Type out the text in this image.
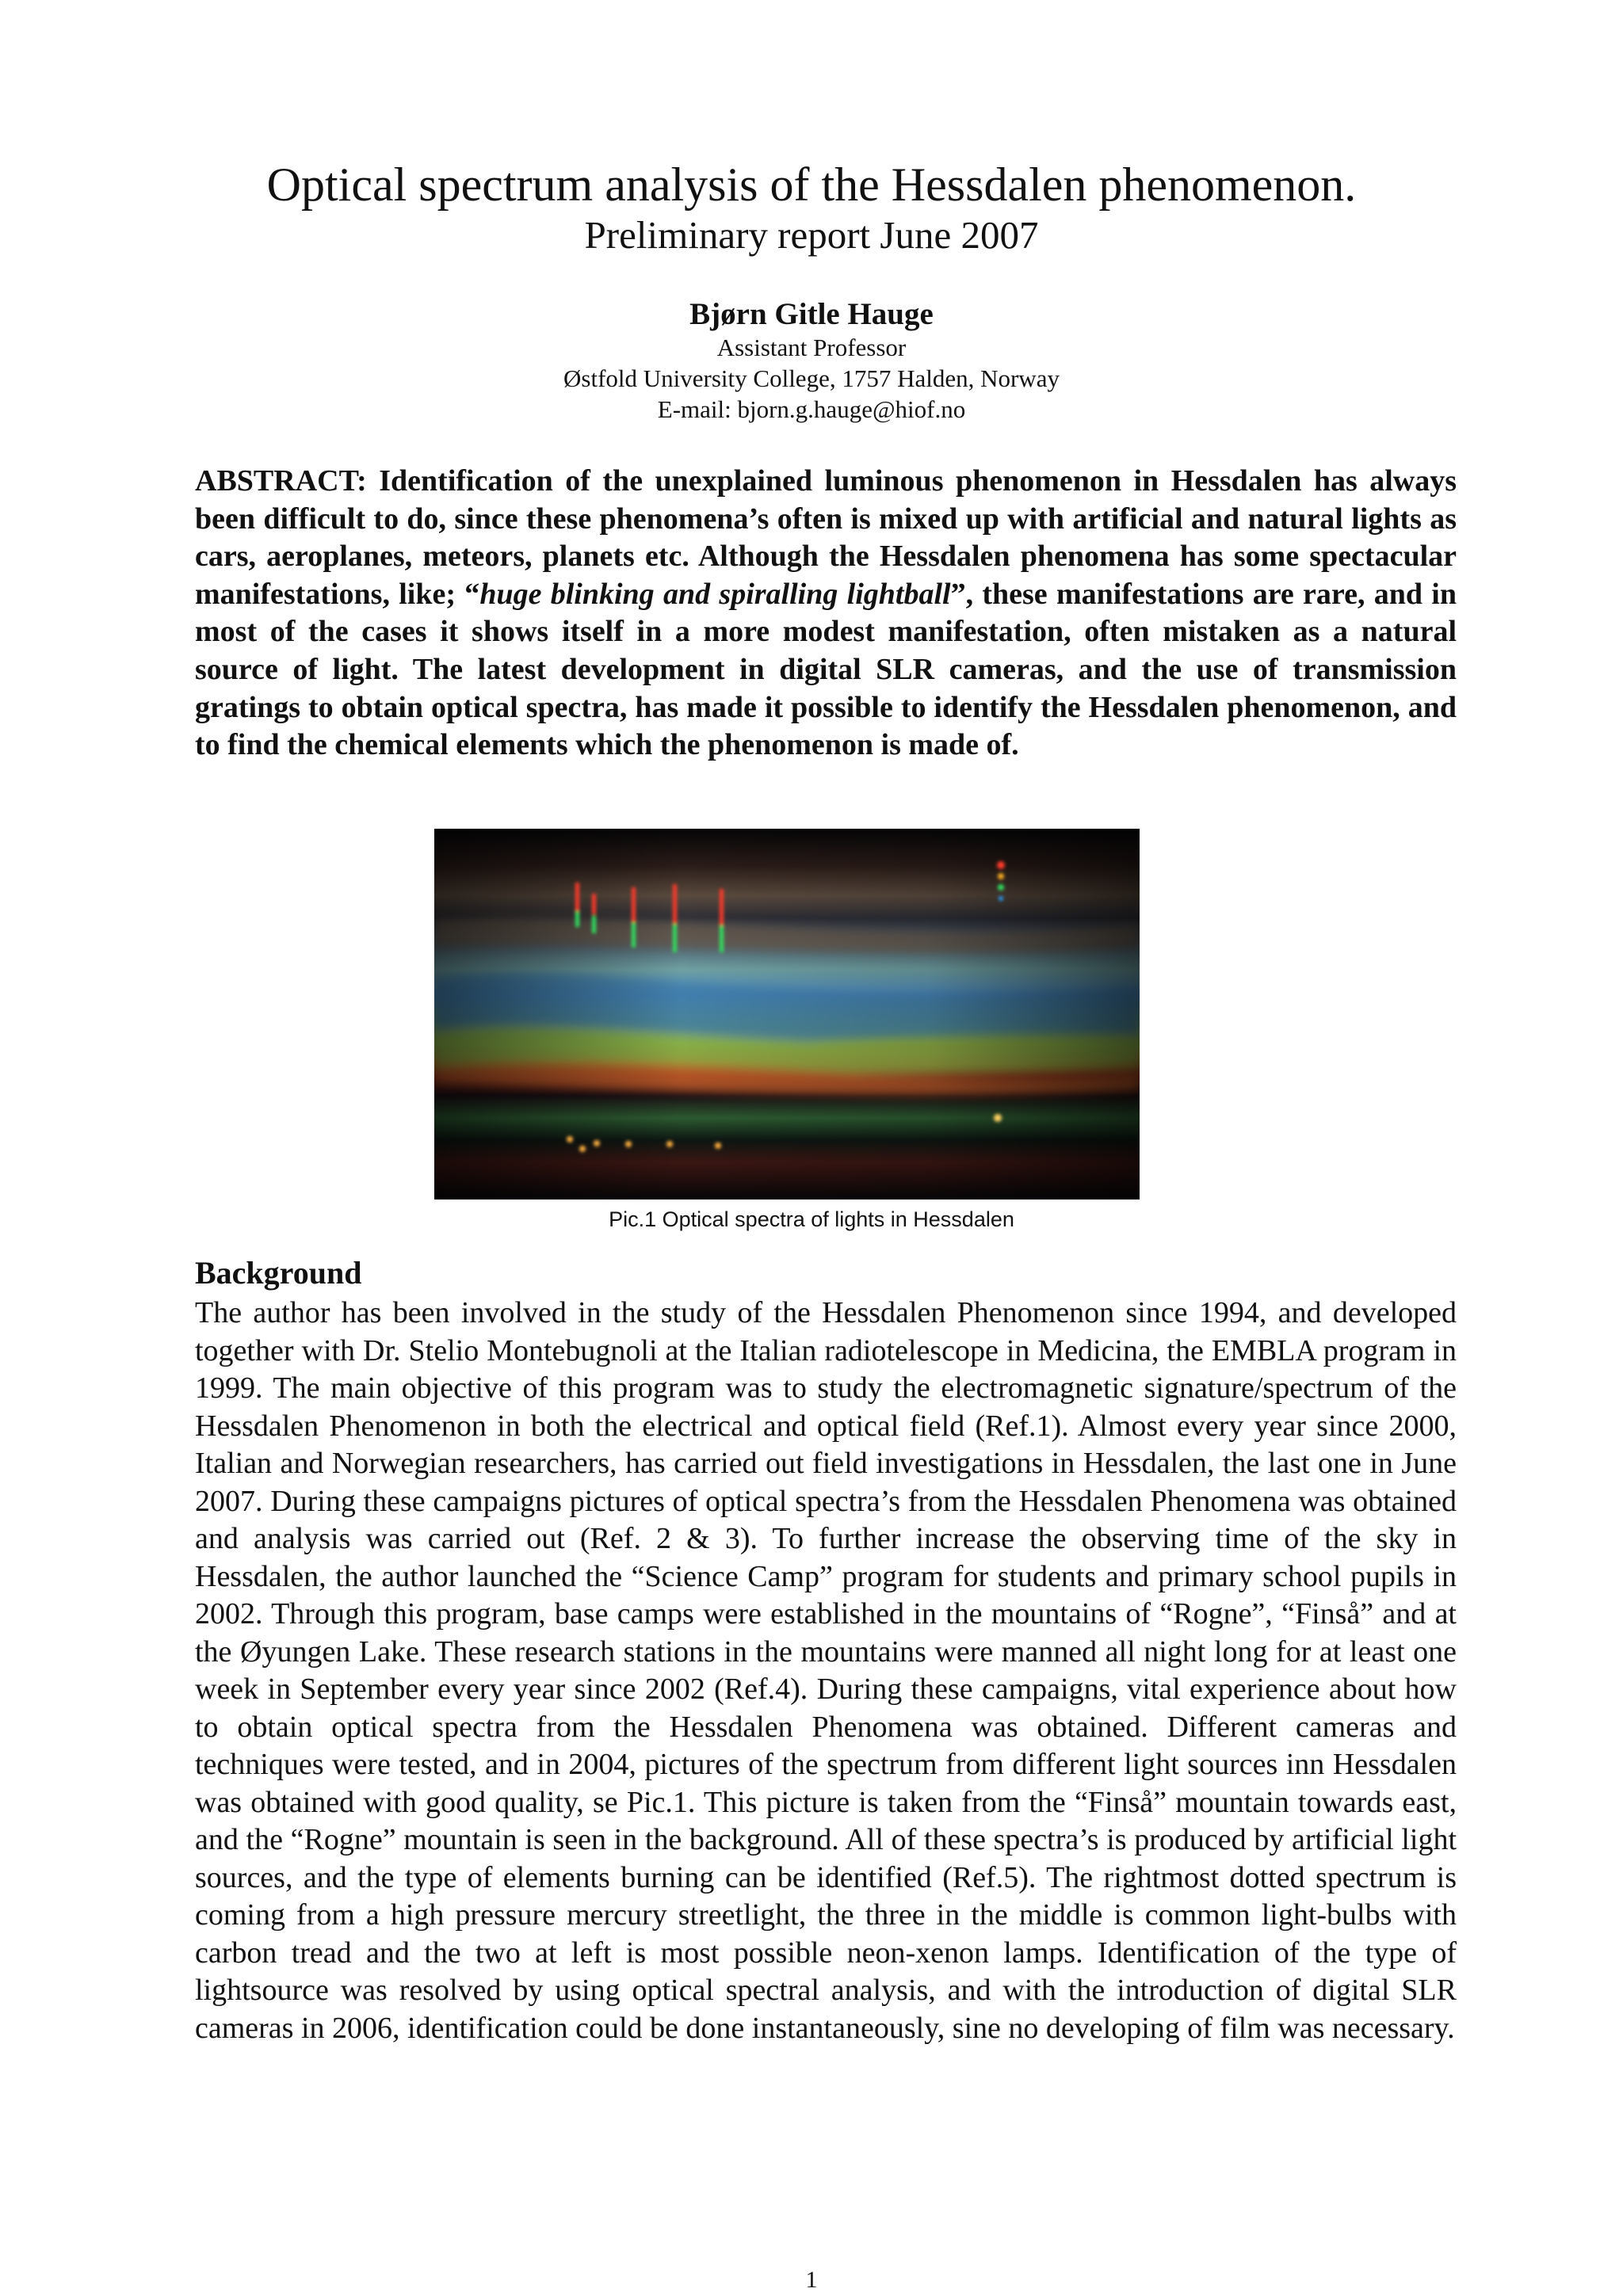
Optical spectrum analysis of the Hessdalen phenomenon.
Preliminary report June 2007
Bjørn Gitle Hauge
Assistant Professor
Østfold University College, 1757 Halden, Norway
E-mail: bjorn.g.hauge@hiof.no
ABSTRACT: Identification of the unexplained luminous phenomenon in Hessdalen has always been difficult to do, since these phenomena’s often is mixed up with artificial and natural lights as cars, aeroplanes, meteors, planets etc. Although the Hessdalen phenomena has some spectacular manifestations, like; “huge blinking and spiralling lightball”, these manifestations are rare, and in most of the cases it shows itself in a more modest manifestation, often mistaken as a natural source of light. The latest development in digital SLR cameras, and the use of transmission gratings to obtain optical spectra, has made it possible to identify the Hessdalen phenomenon, and to find the chemical elements which the phenomenon is made of.
Pic.1 Optical spectra of lights in Hessdalen
Background
The author has been involved in the study of the Hessdalen Phenomenon since 1994, and developed together with Dr. Stelio Montebugnoli at the Italian radiotelescope in Medicina, the EMBLA program in 1999. The main objective of this program was to study the electromagnetic signature/spectrum of the Hessdalen Phenomenon in both the electrical and optical field (Ref.1). Almost every year since 2000, Italian and Norwegian researchers, has carried out field investigations in Hessdalen, the last one in June 2007. During these campaigns pictures of optical spectra’s from the Hessdalen Phenomena was obtained and analysis was carried out (Ref. 2 & 3). To further increase the observing time of the sky in Hessdalen, the author launched the “Science Camp” program for students and primary school pupils in 2002. Through this program, base camps were established in the mountains of “Rogne”, “Finså” and at the Øyungen Lake. These research stations in the mountains were manned all night long for at least one week in September every year since 2002 (Ref.4). During these campaigns, vital experience about how to obtain optical spectra from the Hessdalen Phenomena was obtained. Different cameras and techniques were tested, and in 2004, pictures of the spectrum from different light sources inn Hessdalen was obtained with good quality, se Pic.1. This picture is taken from the “Finså” mountain towards east, and the “Rogne” mountain is seen in the background. All of these spectra’s is produced by artificial light sources, and the type of elements burning can be identified (Ref.5). The rightmost dotted spectrum is coming from a high pressure mercury streetlight, the three in the middle is common light-bulbs with carbon tread and the two at left is most possible neon-xenon lamps. Identification of the type of lightsource was resolved by using optical spectral analysis, and with the introduction of digital SLR cameras in 2006, identification could be done instantaneously, sine no developing of film was necessary.
1
